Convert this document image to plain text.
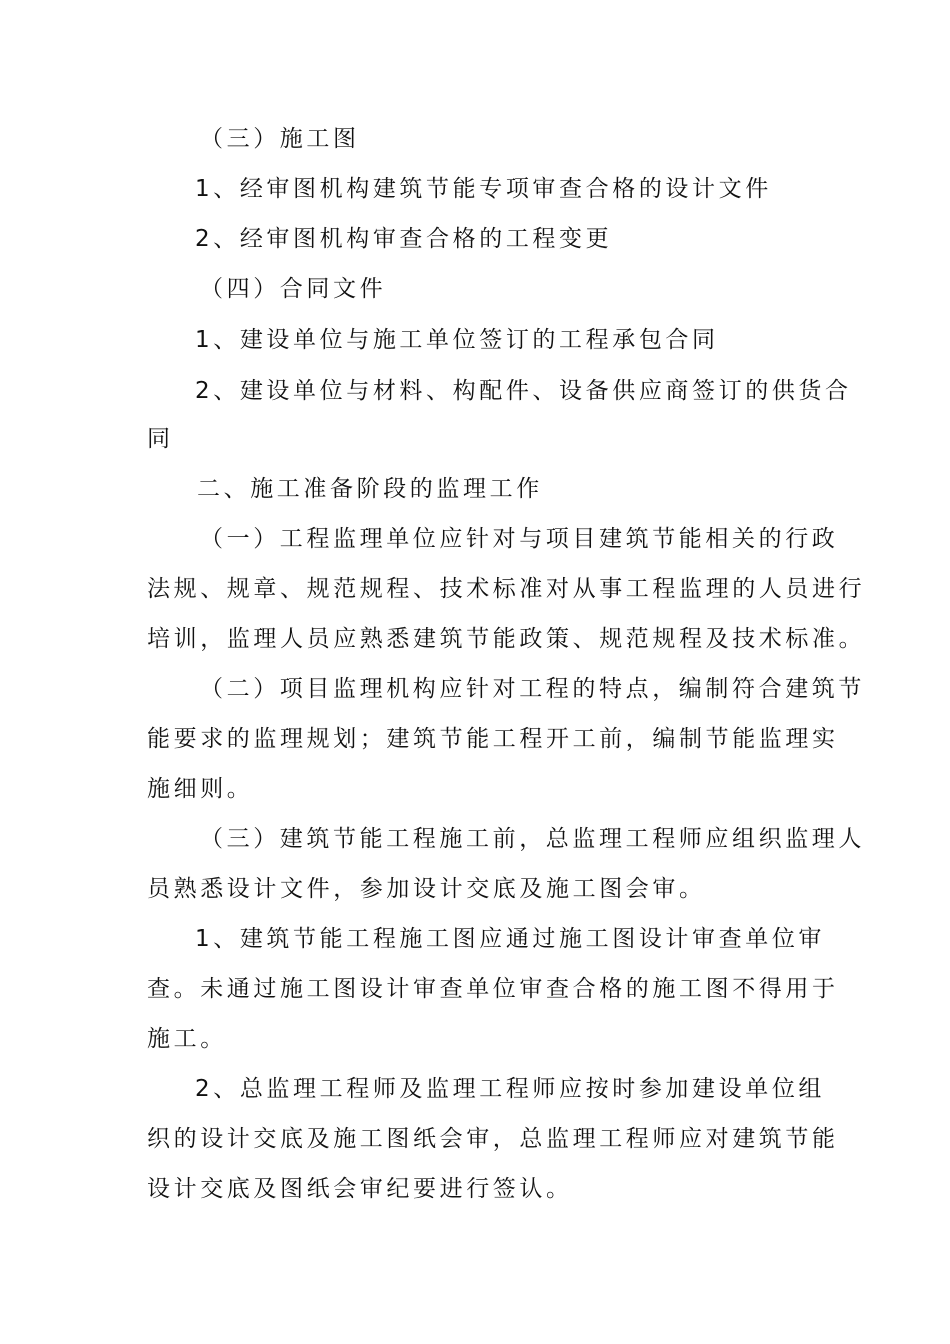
（三）施工图
1、经审图机构建筑节能专项审查合格的设计文件
2、经审图机构审查合格的工程变更
（四）合同文件
1、建设单位与施工单位签订的工程承包合同
2、建设单位与材料、构配件、设备供应商签订的供货合
同
二、施工准备阶段的监理工作
（一）工程监理单位应针对与项目建筑节能相关的行政
法规、规章、规范规程、技术标准对从事工程监理的人员进行
培训，监理人员应熟悉建筑节能政策、规范规程及技术标准。
（二）项目监理机构应针对工程的特点，编制符合建筑节
能要求的监理规划；建筑节能工程开工前，编制节能监理实
施细则。
（三）建筑节能工程施工前，总监理工程师应组织监理人
员熟悉设计文件，参加设计交底及施工图会审。
1、建筑节能工程施工图应通过施工图设计审查单位审
查。未通过施工图设计审查单位审查合格的施工图不得用于
施工。
2、总监理工程师及监理工程师应按时参加建设单位组
织的设计交底及施工图纸会审，总监理工程师应对建筑节能
设计交底及图纸会审纪要进行签认。
